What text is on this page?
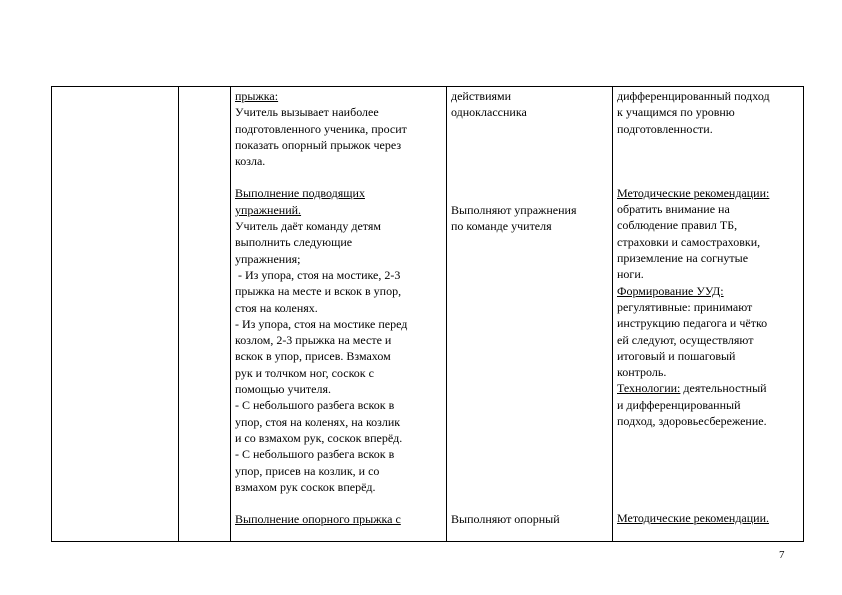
прыжка:
Учитель вызывает наиболее
подготовленного ученика, просит
показать опорный прыжок через
козла.
Выполнение подводящих
упражнений.
Учитель даёт команду детям
выполнить следующие
упражнения;
- Из упора, стоя на мостике, 2-3
прыжка на месте и вскок в упор,
стоя на коленях.
- Из упора, стоя на мостике перед
козлом, 2-3 прыжка на месте и
вскок в упор, присев. Взмахом
рук и толчком ног, соскок с
помощью учителя.
- С небольшого разбега вскок в
упор, стоя на коленях, на козлик
и со взмахом рук, соскок вперёд.
- С небольшого разбега вскок в
упор, присев на козлик, и со
взмахом рук соскок вперёд.
Выполнение опорного прыжка с
действиями
одноклассника
Выполняют упражнения
по команде учителя
Выполняют опорный
дифференцированный подход
к учащимся по уровню
подготовленности.
Методические рекомендации:
обратить внимание на
соблюдение правил ТБ,
страховки и самостраховки,
приземление на согнутые
ноги.
Формирование УУД:
регулятивные: принимают
инструкцию педагога и чётко
ей следуют, осуществляют
итоговый и пошаговый
контроль.
Технологии: деятельностный
и дифференцированный
подход, здоровьесбережение.
Методические рекомендации.
7
